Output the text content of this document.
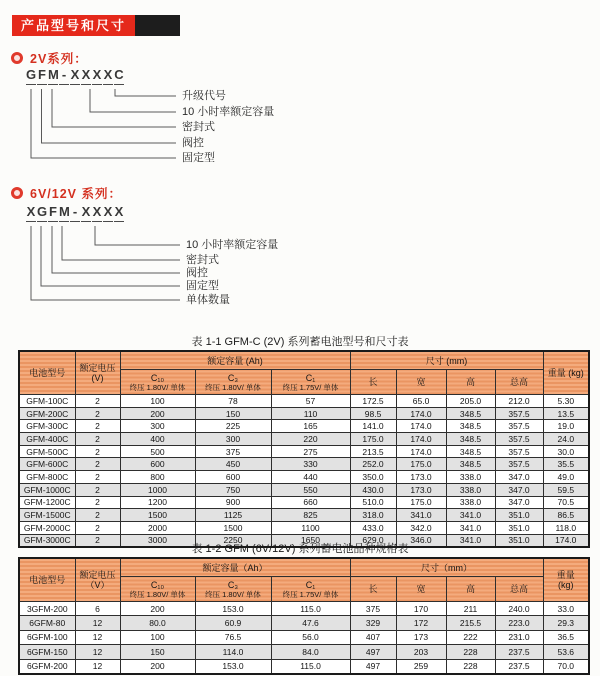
产品型号和尺寸
2V系列：
G F M - X X X X C
升级代号
10 小时率额定容量
密封式
阀控
固定型
6V/12V 系列：
X G F M - X X X X
10 小时率额定容量
密封式
阀控
固定型
单体数量
表 1-1 GFM-C (2V) 系列蓄电池型号和尺寸表
电池型号	额定电压
(V)	额定容量 (Ah)			尺寸 (mm)				重量 (kg)

C₁₀
终压 1.80V/ 单体

C₃
终压 1.80V/ 单体

C₁
终压 1.75V/ 单体	长	宽	高	总高
GFM-100C	2	100	78	57	172.5	65.0	205.0	212.0	5.30
GFM-200C	2	200	150	110	98.5	174.0	348.5	357.5	13.5
GFM-300C	2	300	225	165	141.0	174.0	348.5	357.5	19.0
GFM-400C	2	400	300	220	175.0	174.0	348.5	357.5	24.0
GFM-500C	2	500	375	275	213.5	174.0	348.5	357.5	30.0
GFM-600C	2	600	450	330	252.0	175.0	348.5	357.5	35.5
GFM-800C	2	800	600	440	350.0	173.0	338.0	347.0	49.0
GFM-1000C	2	1000	750	550	430.0	173.0	338.0	347.0	59.5
GFM-1200C	2	1200	900	660	510.0	175.0	338.0	347.0	70.5
GFM-1500C	2	1500	1125	825	318.0	341.0	341.0	351.0	86.5
GFM-2000C	2	2000	1500	1100	433.0	342.0	341.0	351.0	118.0
GFM-3000C	2	3000	2250	1650	629.0	346.0	341.0	351.0	174.0
表 1-2 GFM (6V/12V) 系列蓄电池品种规格表
电池型号	额定电压
（V）
	额定容量（Ah）	尺寸（mm）	
重量
(kg)

C₁₀
终压 1.80V/ 单体

C₃
终压 1.80V/ 单体

C₁
终压 1.75V/ 单体	长	宽	高	总高
3GFM-200	6	200	153.0	115.0	375	170	211	240.0	33.0
6GFM-80	12	80.0	60.9	47.6	329	172	215.5	223.0	29.3
6GFM-100	12	100	76.5	56.0	407	173	222	231.0	36.5
6GFM-150	12	150	114.0	84.0	497	203	228	237.5	53.6
6GFM-200	12	200	153.0	115.0	497	259	228	237.5	70.0
